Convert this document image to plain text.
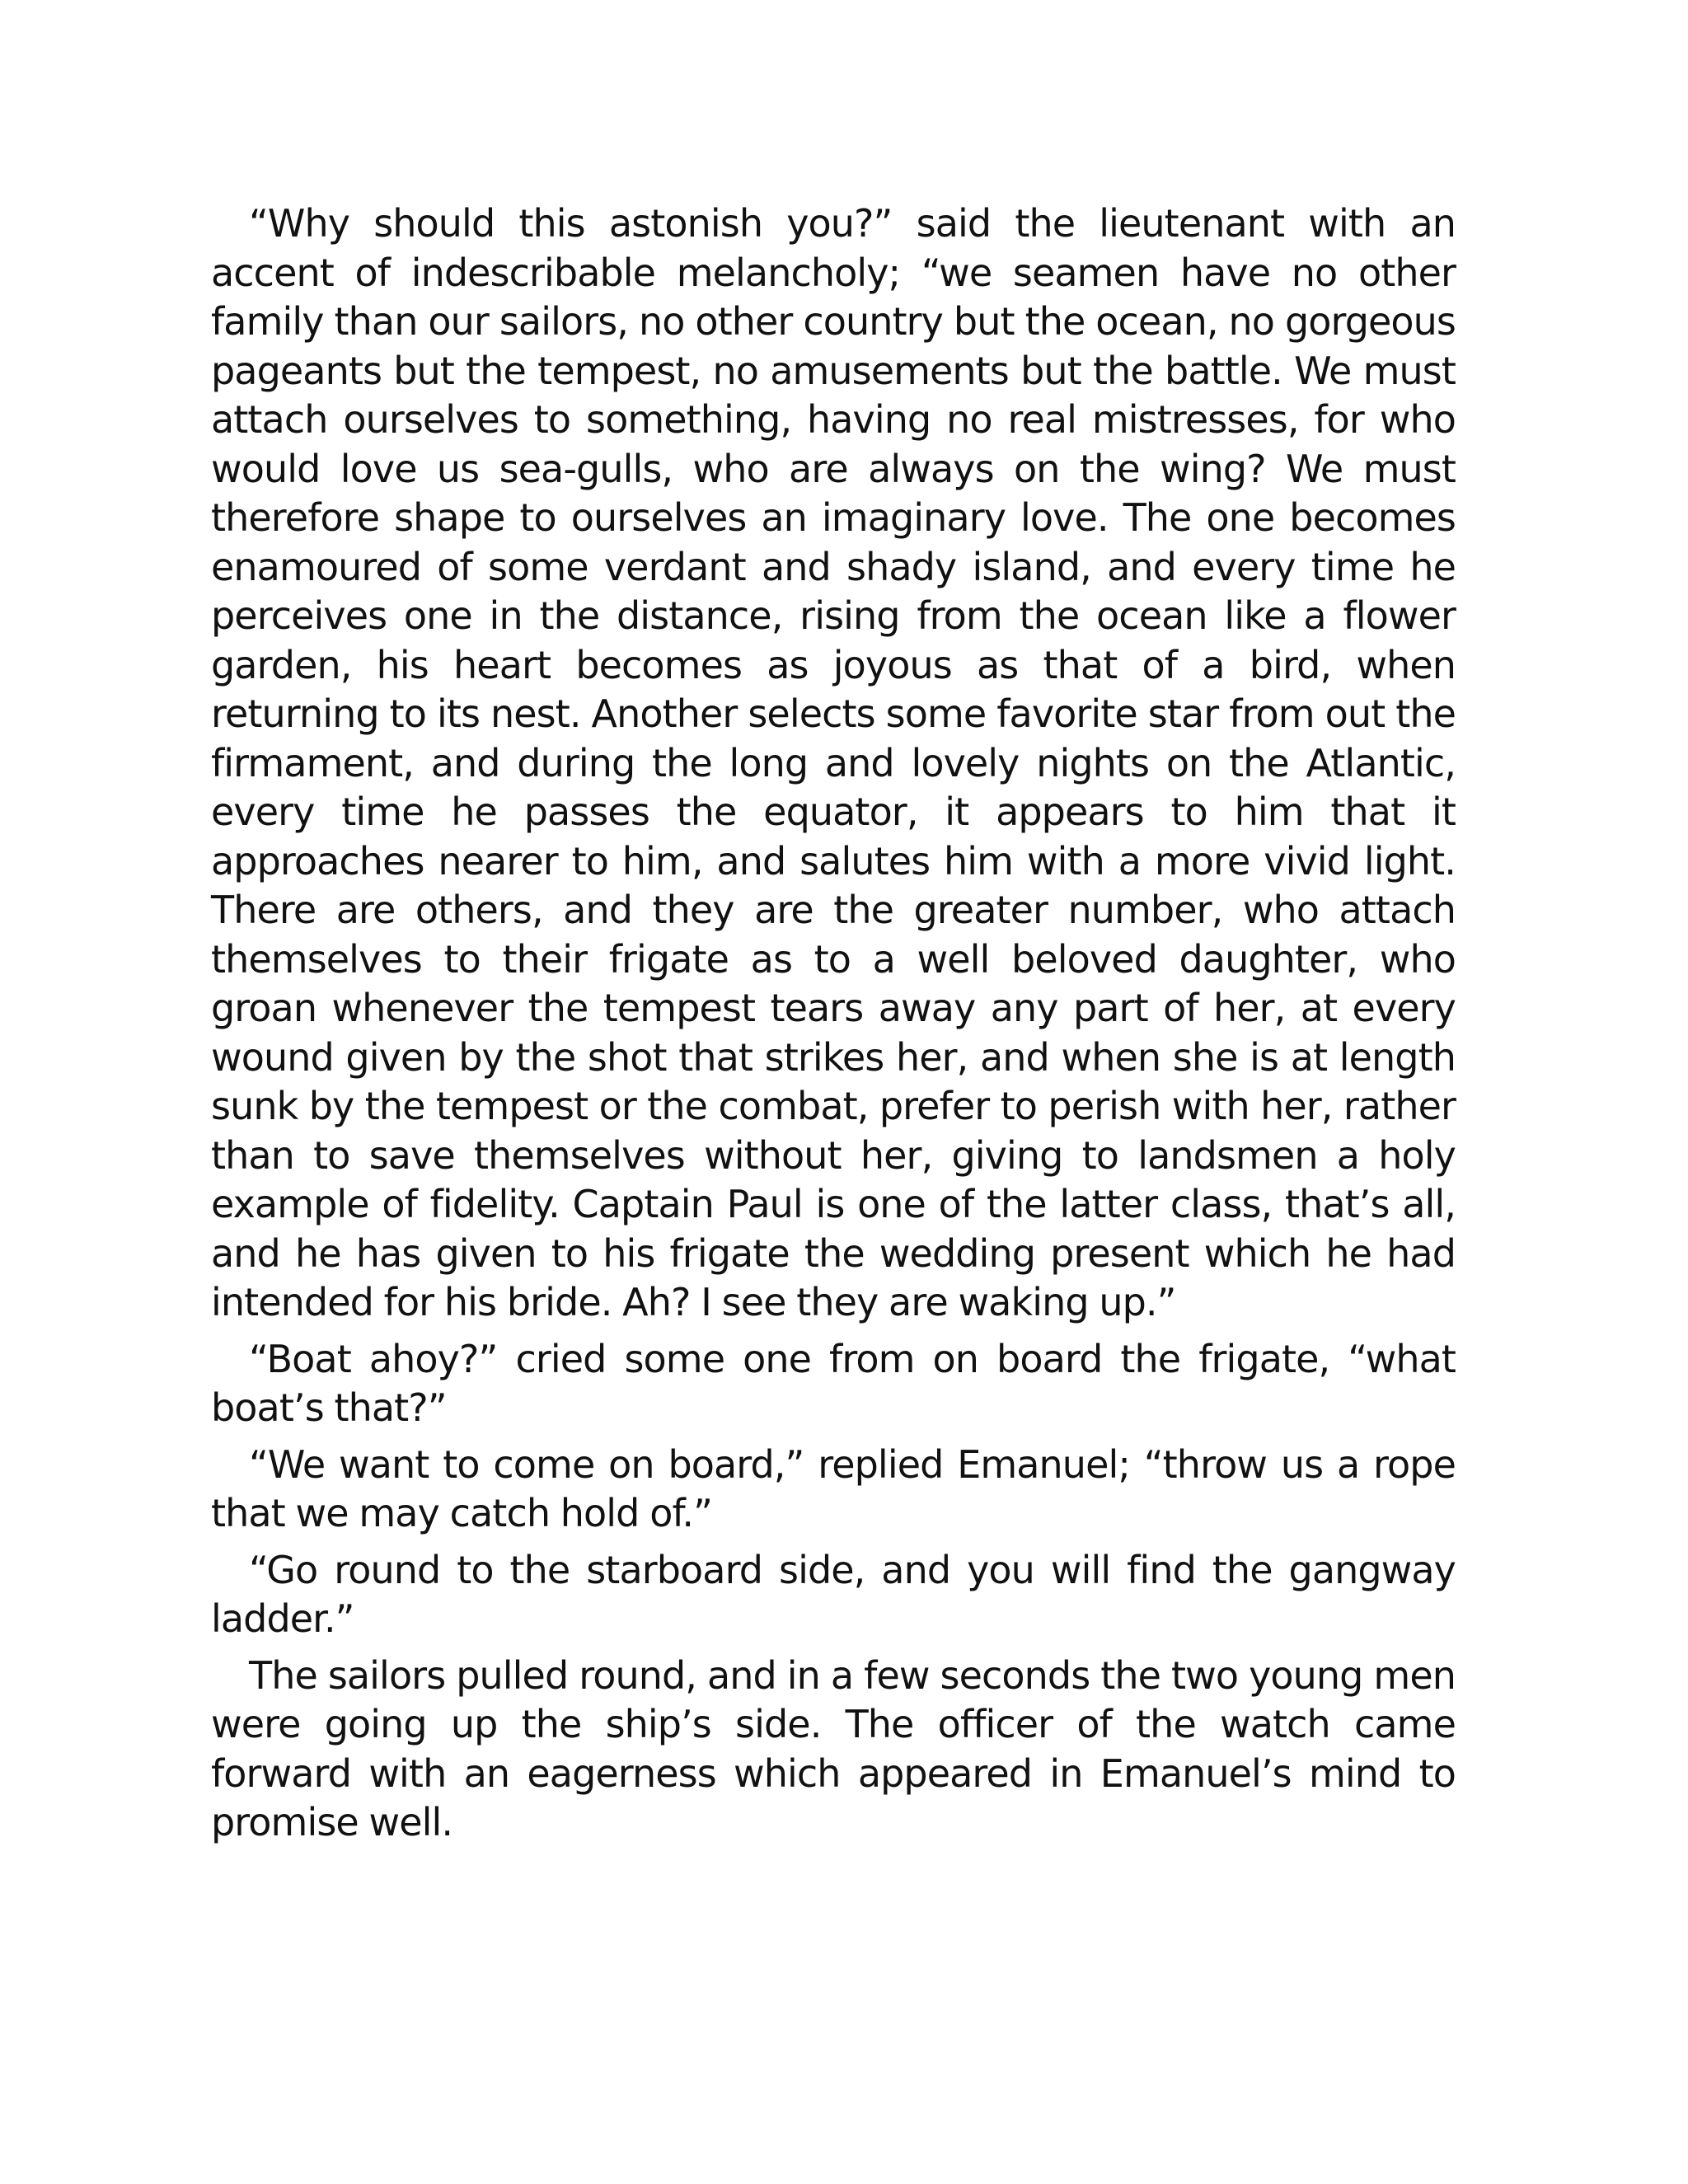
“Why should this astonish you?” said the lieutenant with an accent of indescribable melancholy; “we seamen have no other family than our sailors, no other country but the ocean, no gorgeous pageants but the tempest, no amusements but the battle. We must attach ourselves to something, having no real mistresses, for who would love us sea-gulls, who are always on the wing? We must therefore shape to ourselves an imaginary love. The one becomes enamoured of some verdant and shady island, and every time he perceives one in the distance, rising from the ocean like a flower garden, his heart becomes as joyous as that of a bird, when returning to its nest. Another selects some favorite star from out the firmament, and during the long and lovely nights on the Atlantic, every time he passes the equator, it appears to him that it approaches nearer to him, and salutes him with a more vivid light. There are others, and they are the greater number, who attach themselves to their frigate as to a well beloved daughter, who groan whenever the tempest tears away any part of her, at every wound given by the shot that strikes her, and when she is at length sunk by the tempest or the combat, prefer to perish with her, rather than to save themselves without her, giving to landsmen a holy example of fidelity. Captain Paul is one of the latter class, that’s all, and he has given to his frigate the wedding present which he had intended for his bride. Ah? I see they are waking up.”

“Boat ahoy?” cried some one from on board the frigate, “what boat’s that?”

“We want to come on board,” replied Emanuel; “throw us a rope that we may catch hold of.”

“Go round to the starboard side, and you will find the gangway ladder.”

The sailors pulled round, and in a few seconds the two young men were going up the ship’s side. The officer of the watch came forward with an eagerness which appeared in Emanuel’s mind to promise well.
